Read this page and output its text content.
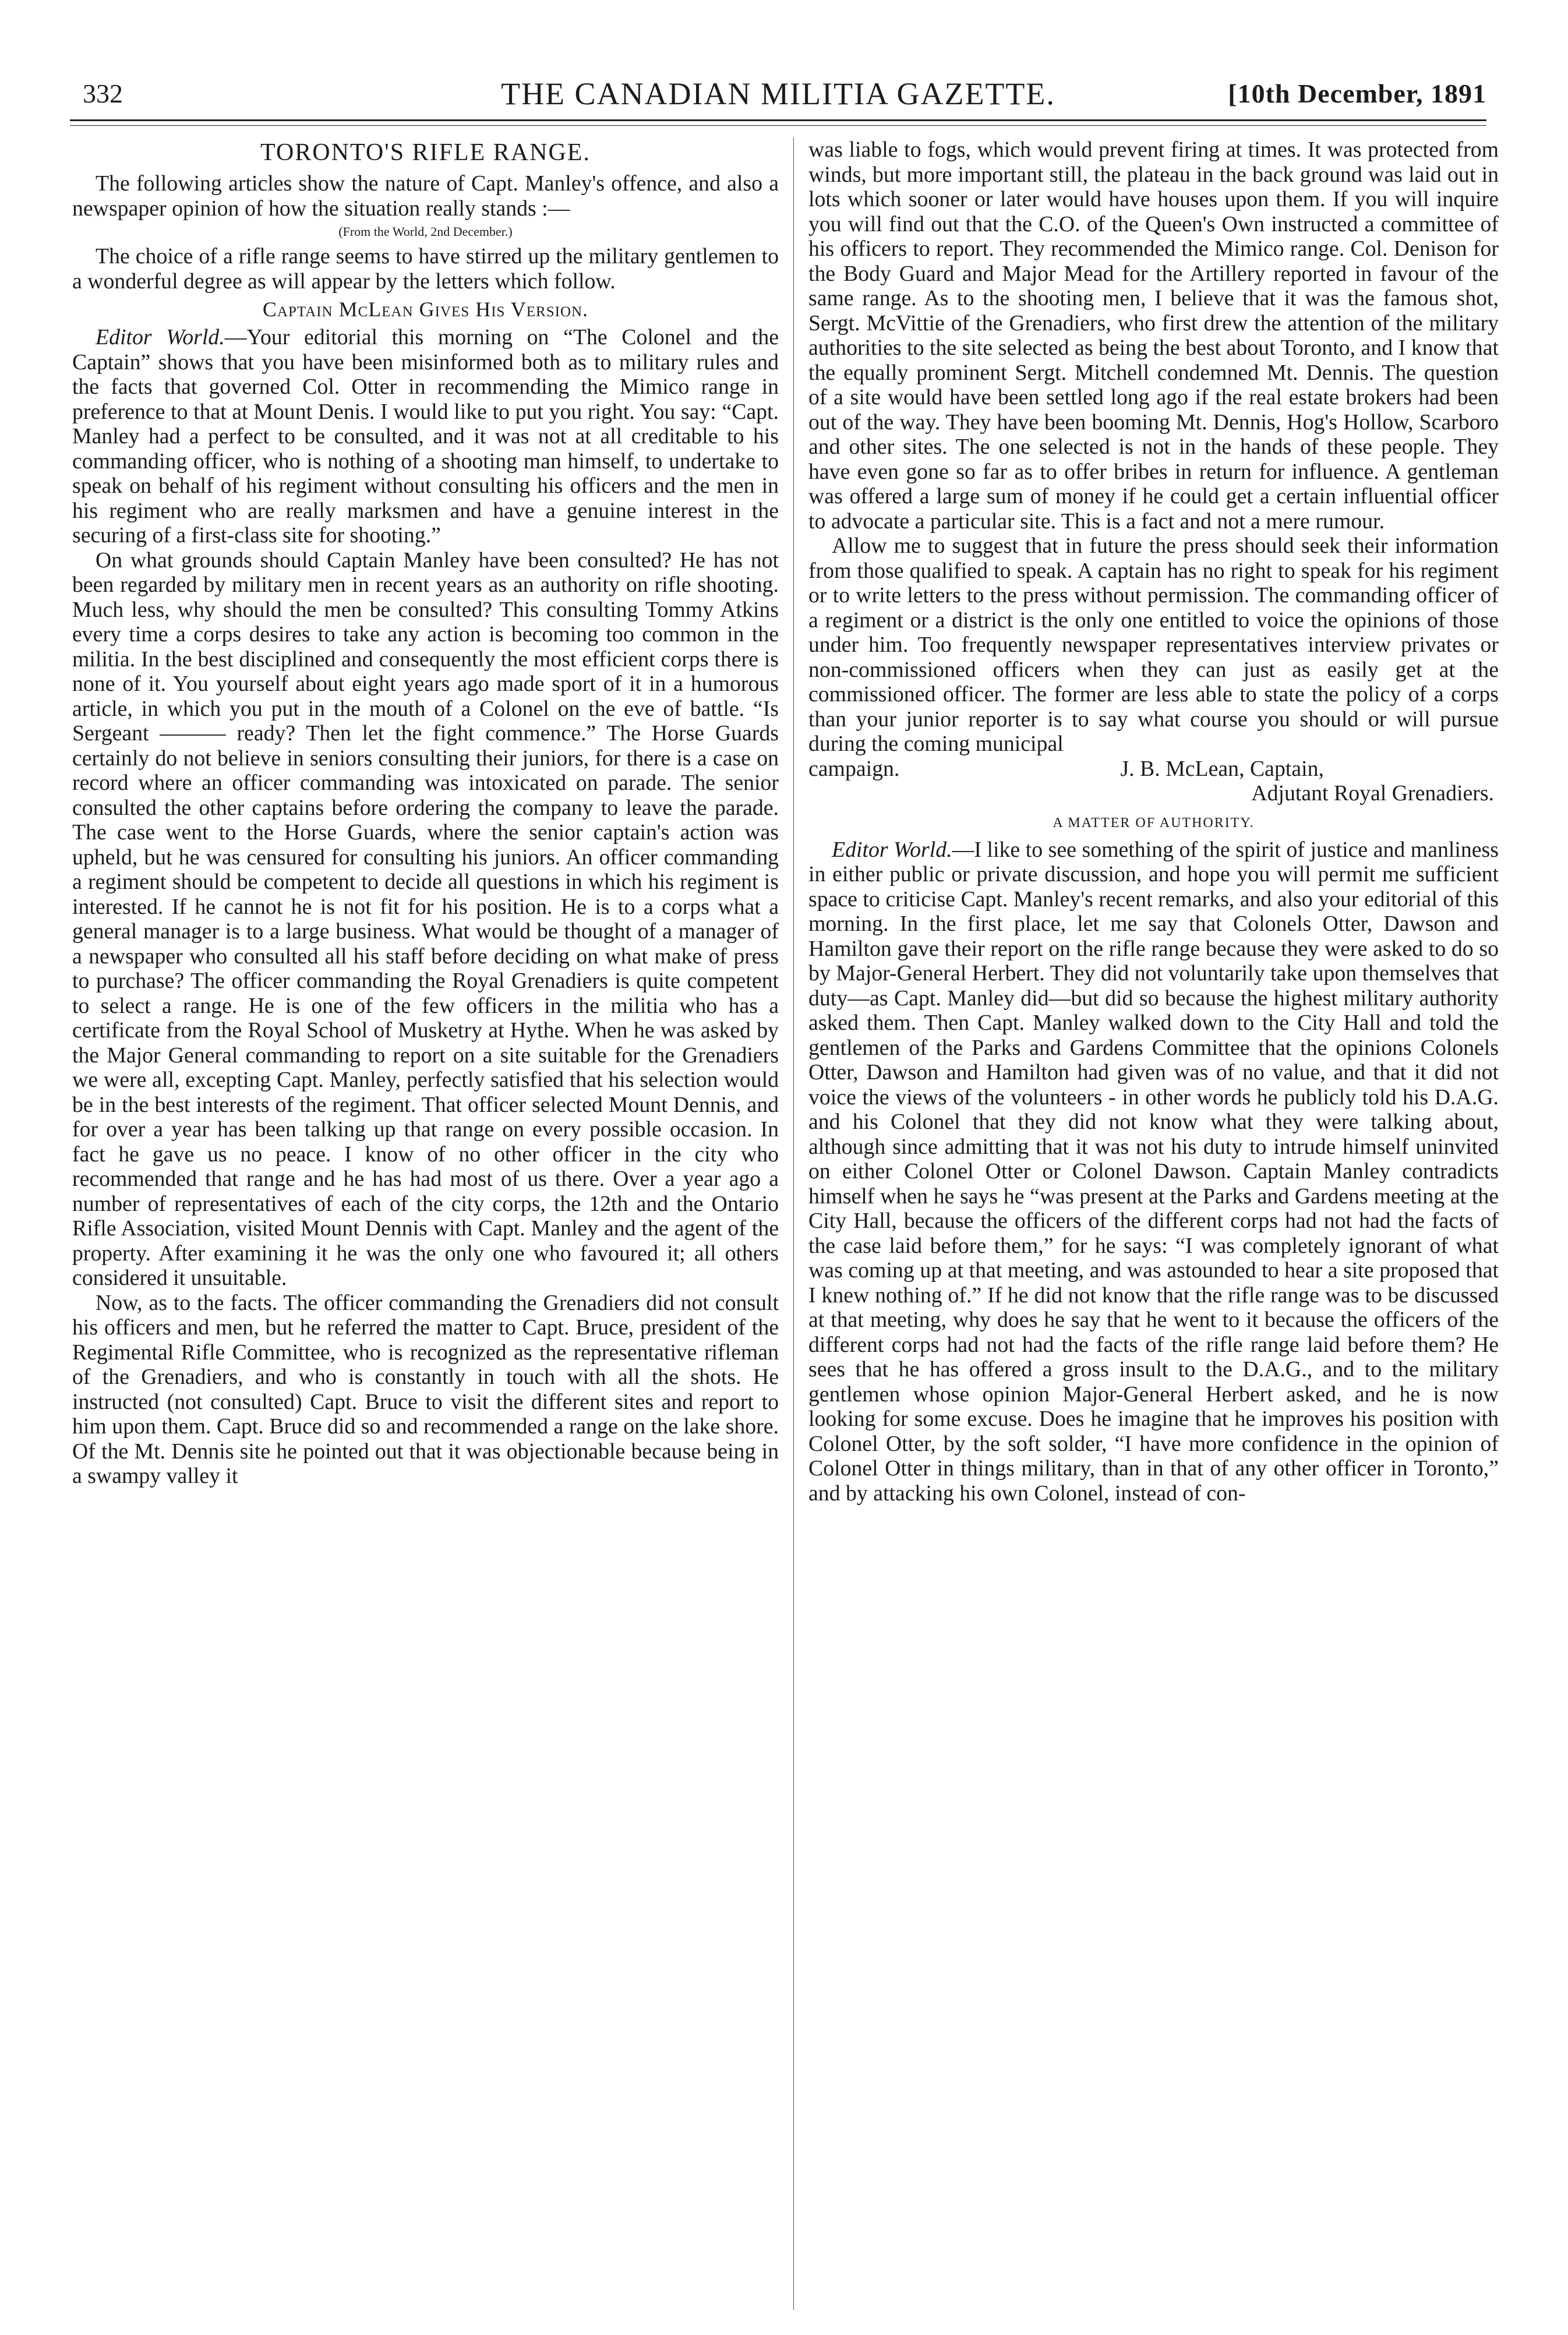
332	THE CANADIAN MILITIA GAZETTE.	[10th December, 1891
TORONTO'S RIFLE RANGE.

The following articles show the nature of Capt. Manley's offence, and also a newspaper opinion of how the situation really stands :—

(From the World, 2nd December.)

The choice of a rifle range seems to have stirred up the military gentlemen to a wonderful degree as will appear by the letters which follow.

Captain McLean Gives His Version.

Editor World.—Your editorial this morning on “The Colonel and the Captain” shows that you have been misinformed both as to military rules and the facts that governed Col. Otter in recommending the Mimico range in preference to that at Mount Denis. I would like to put you right. You say: “Capt. Manley had a perfect to be consulted, and it was not at all creditable to his commanding officer, who is nothing of a shooting man himself, to undertake to speak on behalf of his regiment without consulting his officers and the men in his regiment who are really marksmen and have a genuine interest in the securing of a first-class site for shooting.”

On what grounds should Captain Manley have been consulted? He has not been regarded by military men in recent years as an authority on rifle shooting. Much less, why should the men be consulted? This consulting Tommy Atkins every time a corps desires to take any action is becoming too common in the militia. In the best disciplined and consequently the most efficient corps there is none of it. You yourself about eight years ago made sport of it in a humorous article, in which you put in the mouth of a Colonel on the eve of battle. “Is Sergeant ——— ready? Then let the fight commence.” The Horse Guards certainly do not believe in seniors consulting their juniors, for there is a case on record where an officer commanding was intoxicated on parade. The senior consulted the other captains before ordering the company to leave the parade. The case went to the Horse Guards, where the senior captain's action was upheld, but he was censured for consulting his juniors. An officer commanding a regiment should be competent to decide all questions in which his regiment is interested. If he cannot he is not fit for his position. He is to a corps what a general manager is to a large business. What would be thought of a manager of a newspaper who consulted all his staff before deciding on what make of press to purchase? The officer commanding the Royal Grenadiers is quite competent to select a range. He is one of the few officers in the militia who has a certificate from the Royal School of Musketry at Hythe. When he was asked by the Major General commanding to report on a site suitable for the Grenadiers we were all, excepting Capt. Manley, perfectly satisfied that his selection would be in the best interests of the regiment. That officer selected Mount Dennis, and for over a year has been talking up that range on every possible occasion. In fact he gave us no peace. I know of no other officer in the city who recommended that range and he has had most of us there. Over a year ago a number of representatives of each of the city corps, the 12th and the Ontario Rifle Association, visited Mount Dennis with Capt. Manley and the agent of the property. After examining it he was the only one who favoured it; all others considered it unsuitable.

Now, as to the facts. The officer commanding the Grenadiers did not consult his officers and men, but he referred the matter to Capt. Bruce, president of the Regimental Rifle Committee, who is recognized as the representative rifleman of the Grenadiers, and who is constantly in touch with all the shots. He instructed (not consulted) Capt. Bruce to visit the different sites and report to him upon them. Capt. Bruce did so and recommended a range on the lake shore. Of the Mt. Dennis site he pointed out that it was objectionable because being in a swampy valley it

was liable to fogs, which would prevent firing at times. It was protected from winds, but more important still, the plateau in the back ground was laid out in lots which sooner or later would have houses upon them. If you will inquire you will find out that the C.O. of the Queen's Own instructed a committee of his officers to report. They recommended the Mimico range. Col. Denison for the Body Guard and Major Mead for the Artillery reported in favour of the same range. As to the shooting men, I believe that it was the famous shot, Sergt. McVittie of the Grenadiers, who first drew the attention of the military authorities to the site selected as being the best about Toronto, and I know that the equally prominent Sergt. Mitchell condemned Mt. Dennis. The question of a site would have been settled long ago if the real estate brokers had been out of the way. They have been booming Mt. Dennis, Hog's Hollow, Scarboro and other sites. The one selected is not in the hands of these people. They have even gone so far as to offer bribes in return for influence. A gentleman was offered a large sum of money if he could get a certain influential officer to advocate a particular site. This is a fact and not a mere rumour.

Allow me to suggest that in future the press should seek their information from those qualified to speak. A captain has no right to speak for his regiment or to write letters to the press without permission. The commanding officer of a regiment or a district is the only one entitled to voice the opinions of those under him. Too frequently newspaper representatives interview privates or non-commissioned officers when they can just as easily get at the commissioned officer. The former are less able to state the policy of a corps than your junior reporter is to say what course you should or will pursue during the coming municipal

campaign.	J. B. McLean, Captain,
Adjutant Royal Grenadiers.
A MATTER OF AUTHORITY.

Editor World.—I like to see something of the spirit of justice and manliness in either public or private discussion, and hope you will permit me sufficient space to criticise Capt. Manley's recent remarks, and also your editorial of this morning. In the first place, let me say that Colonels Otter, Dawson and Hamilton gave their report on the rifle range because they were asked to do so by Major-General Herbert. They did not voluntarily take upon themselves that duty—as Capt. Manley did—but did so because the highest military authority asked them. Then Capt. Manley walked down to the City Hall and told the gentlemen of the Parks and Gardens Committee that the opinions Colonels Otter, Dawson and Hamilton had given was of no value, and that it did not voice the views of the volunteers - in other words he publicly told his D.A.G. and his Colonel that they did not know what they were talking about, although since admitting that it was not his duty to intrude himself uninvited on either Colonel Otter or Colonel Dawson. Captain Manley contradicts himself when he says he “was present at the Parks and Gardens meeting at the City Hall, because the officers of the different corps had not had the facts of the case laid before them,” for he says: “I was completely ignorant of what was coming up at that meeting, and was astounded to hear a site proposed that I knew nothing of.” If he did not know that the rifle range was to be discussed at that meeting, why does he say that he went to it because the officers of the different corps had not had the facts of the rifle range laid before them? He sees that he has offered a gross insult to the D.A.G., and to the military gentlemen whose opinion Major-General Herbert asked, and he is now looking for some excuse. Does he imagine that he improves his position with Colonel Otter, by the soft solder, “I have more confidence in the opinion of Colonel Otter in things military, than in that of any other officer in Toronto,” and by attacking his own Colonel, instead of con-
